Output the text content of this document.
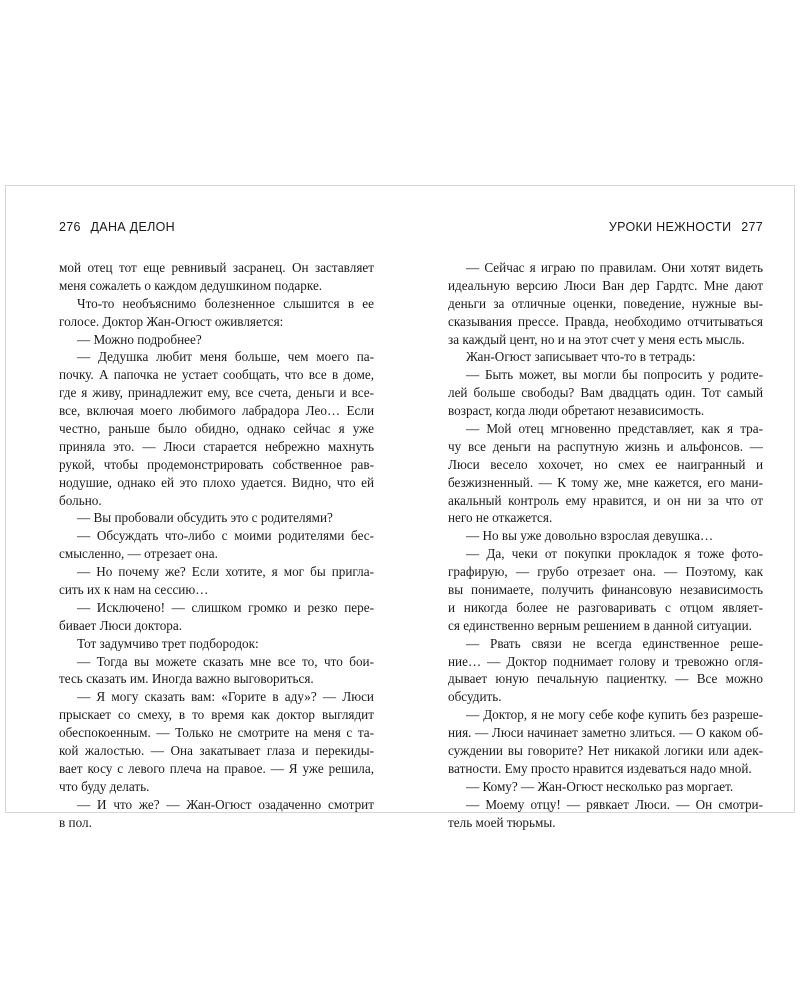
276 ДАНА ДЕЛОН
мой отец тот еще ревнивый засранец. Он заставляет
меня сожалеть о каждом дедушкином подарке.
Что-то необъяснимо болезненное слышится в ее
голосе. Доктор Жан-Огюст оживляется:
— Можно подробнее?
— Дедушка любит меня больше, чем моего па-
почку. А папочка не устает сообщать, что все в доме,
где я живу, принадлежит ему, все счета, деньги и все-
все, включая моего любимого лабрадора Лео… Если
честно, раньше было обидно, однако сейчас я уже
приняла это. — Люси старается небрежно махнуть
рукой, чтобы продемонстрировать собственное рав-
нодушие, однако ей это плохо удается. Видно, что ей
больно.
— Вы пробовали обсудить это с родителями?
— Обсуждать что-либо с моими родителями бес-
смысленно, — отрезает она.
— Но почему же? Если хотите, я мог бы пригла-
сить их к нам на сессию…
— Исключено! — слишком громко и резко пере-
бивает Люси доктора.
Тот задумчиво трет подбородок:
— Тогда вы можете сказать мне все то, что бои-
тесь сказать им. Иногда важно выговориться.
— Я могу сказать вам: «Горите в аду»? — Люси
прыскает со смеху, в то время как доктор выглядит
обеспокоенным. — Только не смотрите на меня с та-
кой жалостью. — Она закатывает глаза и перекиды-
вает косу с левого плеча на правое. — Я уже решила,
что буду делать.
— И что же? — Жан-Огюст озадаченно смотрит
в пол.
УРОКИ НЕЖНОСТИ 277
— Сейчас я играю по правилам. Они хотят видеть
идеальную версию Люси Ван дер Гардтс. Мне дают
деньги за отличные оценки, поведение, нужные вы-
сказывания прессе. Правда, необходимо отчитываться
за каждый цент, но и на этот счет у меня есть мысль.
Жан-Огюст записывает что-то в тетрадь:
— Быть может, вы могли бы попросить у родите-
лей больше свободы? Вам двадцать один. Тот самый
возраст, когда люди обретают независимость.
— Мой отец мгновенно представляет, как я тра-
чу все деньги на распутную жизнь и альфонсов. —
Люси весело хохочет, но смех ее наигранный и
безжизненный. — К тому же, мне кажется, его мани-
акальный контроль ему нравится, и он ни за что от
него не откажется.
— Но вы уже довольно взрослая девушка…
— Да, чеки от покупки прокладок я тоже фото-
графирую, — грубо отрезает она. — Поэтому, как
вы понимаете, получить финансовую независимость
и никогда более не разговаривать с отцом являет-
ся единственно верным решением в данной ситуации.
— Рвать связи не всегда единственное реше-
ние… — Доктор поднимает голову и тревожно огля-
дывает юную печальную пациентку. — Все можно
обсудить.
— Доктор, я не могу себе кофе купить без разреше-
ния. — Люси начинает заметно злиться. — О каком об-
суждении вы говорите? Нет никакой логики или адек-
ватности. Ему просто нравится издеваться надо мной.
— Кому? — Жан-Огюст несколько раз моргает.
— Моему отцу! — рявкает Люси. — Он смотри-
тель моей тюрьмы.
